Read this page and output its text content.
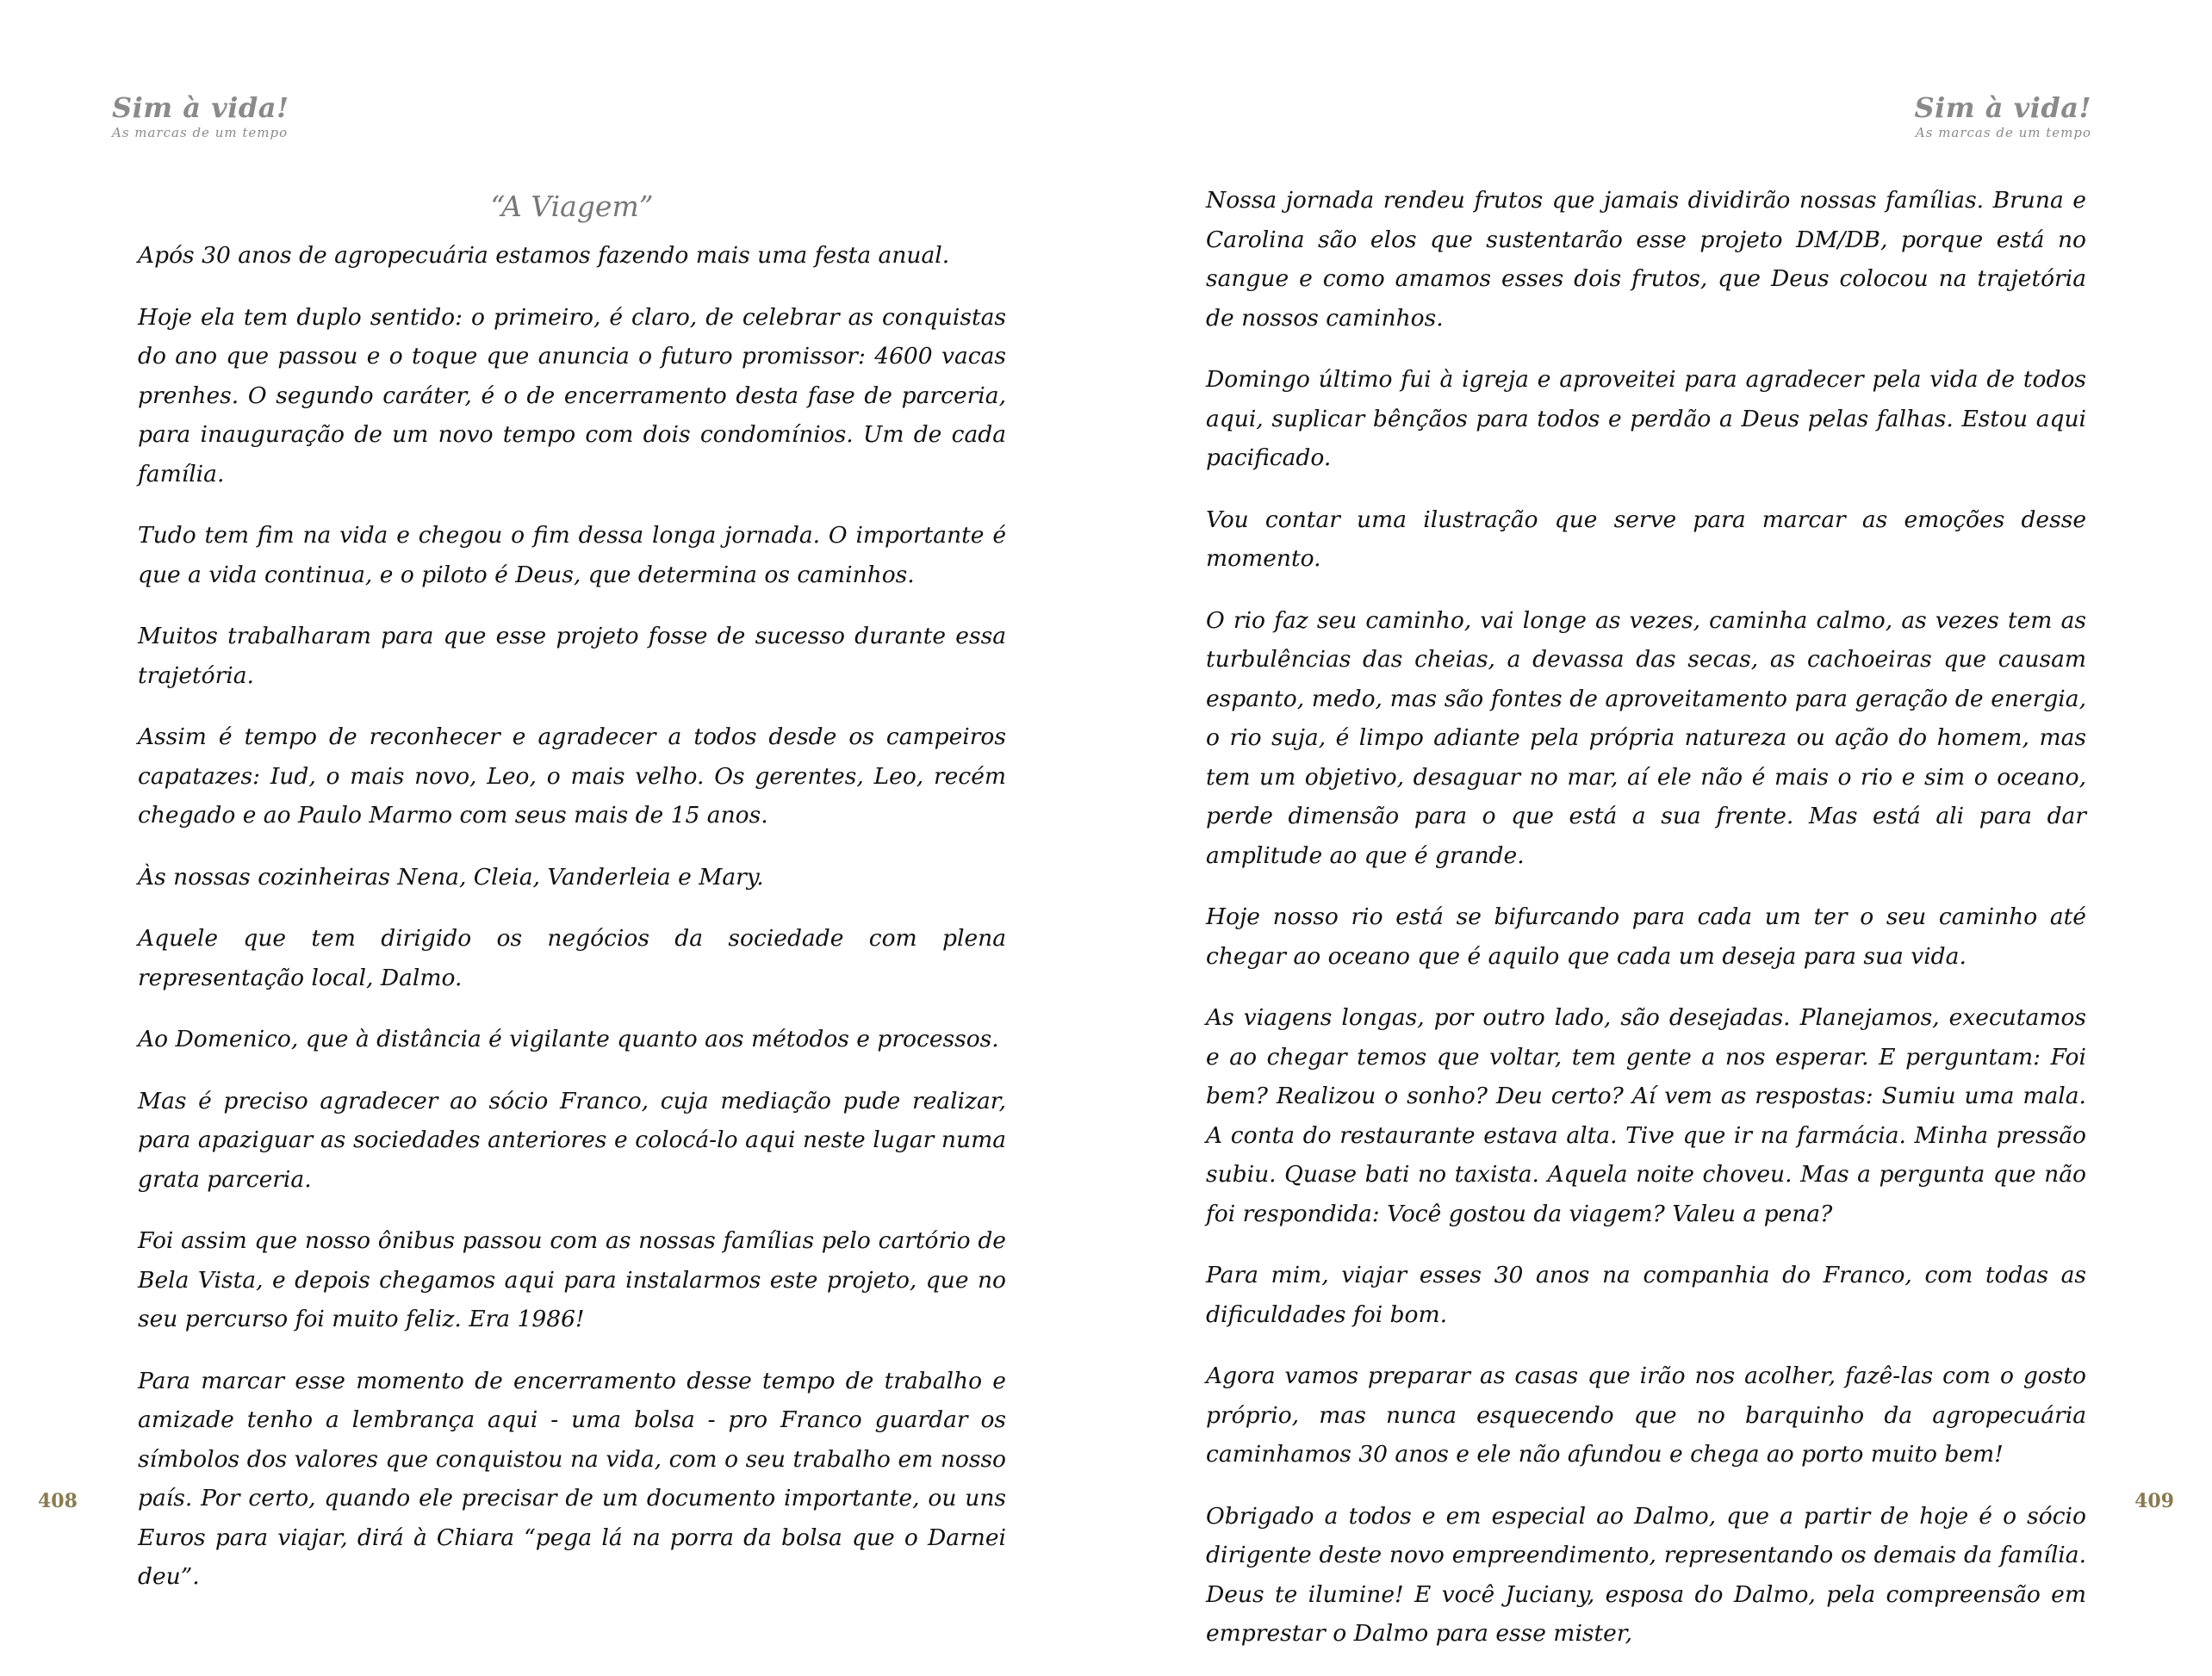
Sim à vida!
As marcas de um tempo
“A Viagem”

Após 30 anos de agropecuária estamos fazendo mais uma festa anual.

Hoje ela tem duplo sentido: o primeiro, é claro, de celebrar as conquistas do ano que passou e o toque que anuncia o futuro promissor: 4600 vacas prenhes. O segundo caráter, é o de encerramento desta fase de parceria, para inauguração de um novo tempo com dois condomínios. Um de cada família.

Tudo tem fim na vida e chegou o fim dessa longa jornada. O importante é que a vida continua, e o piloto é Deus, que determina os caminhos.

Muitos trabalharam para que esse projeto fosse de sucesso durante essa trajetória.

Assim é tempo de reconhecer e agradecer a todos desde os campeiros capatazes: Iud, o mais novo, Leo, o mais velho. Os gerentes, Leo, recém chegado e ao Paulo Marmo com seus mais de 15 anos.

Às nossas cozinheiras Nena, Cleia, Vanderleia e Mary.

Aquele que tem dirigido os negócios da sociedade com plena representação local, Dalmo.

Ao Domenico, que à distância é vigilante quanto aos métodos e processos.

Mas é preciso agradecer ao sócio Franco, cuja mediação pude realizar, para apaziguar as sociedades anteriores e colocá-lo aqui neste lugar numa grata parceria.

Foi assim que nosso ônibus passou com as nossas famílias pelo cartório de Bela Vista, e depois chegamos aqui para instalarmos este projeto, que no seu percurso foi muito feliz. Era 1986!

Para marcar esse momento de encerramento desse tempo de trabalho e amizade tenho a lembrança aqui - uma bolsa - pro Franco guardar os símbolos dos valores que conquistou na vida, com o seu trabalho em nosso país. Por certo, quando ele precisar de um documento importante, ou uns Euros para viajar, dirá à Chiara “pega lá na porra da bolsa que o Darnei deu”.

408
Sim à vida!
As marcas de um tempo

Nossa jornada rendeu frutos que jamais dividirão nossas famílias. Bruna e Carolina são elos que sustentarão esse projeto DM/DB, porque está no sangue e como amamos esses dois frutos, que Deus colocou na trajetória de nossos caminhos.

Domingo último fui à igreja e aproveitei para agradecer pela vida de todos aqui, suplicar bênçãos para todos e perdão a Deus pelas falhas. Estou aqui pacificado.

Vou contar uma ilustração que serve para marcar as emoções desse momento.

O rio faz seu caminho, vai longe as vezes, caminha calmo, as vezes tem as turbulências das cheias, a devassa das secas, as cachoeiras que causam espanto, medo, mas são fontes de aproveitamento para geração de energia, o rio suja, é limpo adiante pela própria natureza ou ação do homem, mas tem um objetivo, desaguar no mar, aí ele não é mais o rio e sim o oceano, perde dimensão para o que está a sua frente. Mas está ali para dar amplitude ao que é grande.

Hoje nosso rio está se bifurcando para cada um ter o seu caminho até chegar ao oceano que é aquilo que cada um deseja para sua vida.

As viagens longas, por outro lado, são desejadas. Planejamos, executamos e ao chegar temos que voltar, tem gente a nos esperar. E perguntam: Foi bem? Realizou o sonho? Deu certo? Aí vem as respostas: Sumiu uma mala. A conta do restaurante estava alta. Tive que ir na farmácia. Minha pressão subiu. Quase bati no taxista. Aquela noite choveu. Mas a pergunta que não foi respondida: Você gostou da viagem? Valeu a pena?

Para mim, viajar esses 30 anos na companhia do Franco, com todas as dificuldades foi bom.

Agora vamos preparar as casas que irão nos acolher, fazê-las com o gosto próprio, mas nunca esquecendo que no barquinho da agropecuária caminhamos 30 anos e ele não afundou e chega ao porto muito bem!

Obrigado a todos e em especial ao Dalmo, que a partir de hoje é o sócio dirigente deste novo empreendimento, representando os demais da família. Deus te ilumine! E você Juciany, esposa do Dalmo, pela compreensão em emprestar o Dalmo para esse mister,

409
